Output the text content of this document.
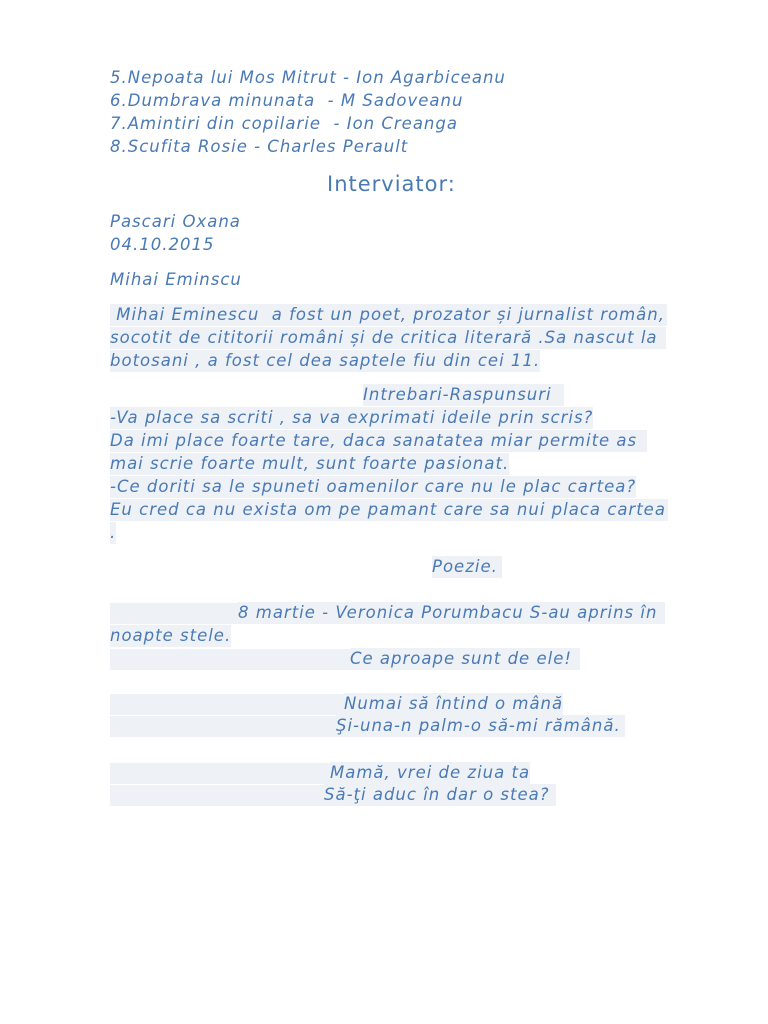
5.Nepoata lui Mos Mitrut - Ion Agarbiceanu
6.Dumbrava minunata  - M Sadoveanu
7.Amintiri din copilarie  - Ion Creanga
8.Scufita Rosie - Charles Perault
Interviator:
Pascari Oxana
04.10.2015
Mihai Eminscu
Mihai Eminescu  a fost un poet, prozator și jurnalist român,
socotit de cititorii români și de critica literară .Sa nascut la
botosani , a fost cel dea saptele fiu din cei 11.
Intrebari-Raspunsuri
-Va place sa scriti , sa va exprimati ideile prin scris?
Da imi place foarte tare, daca sanatatea miar permite as
mai scrie foarte mult, sunt foarte pasionat.
-Ce doriti sa le spuneti oamenilor care nu le plac cartea?
Eu cred ca nu exista om pe pamant care sa nui placa cartea
.
Poezie.
8 martie - Veronica Porumbacu S-au aprins în
noapte stele.
Ce aproape sunt de ele!
Numai să întind o mână
Şi-una-n palm-o să-mi rămână.
Mamă, vrei de ziua ta
Să-ţi aduc în dar o stea?
